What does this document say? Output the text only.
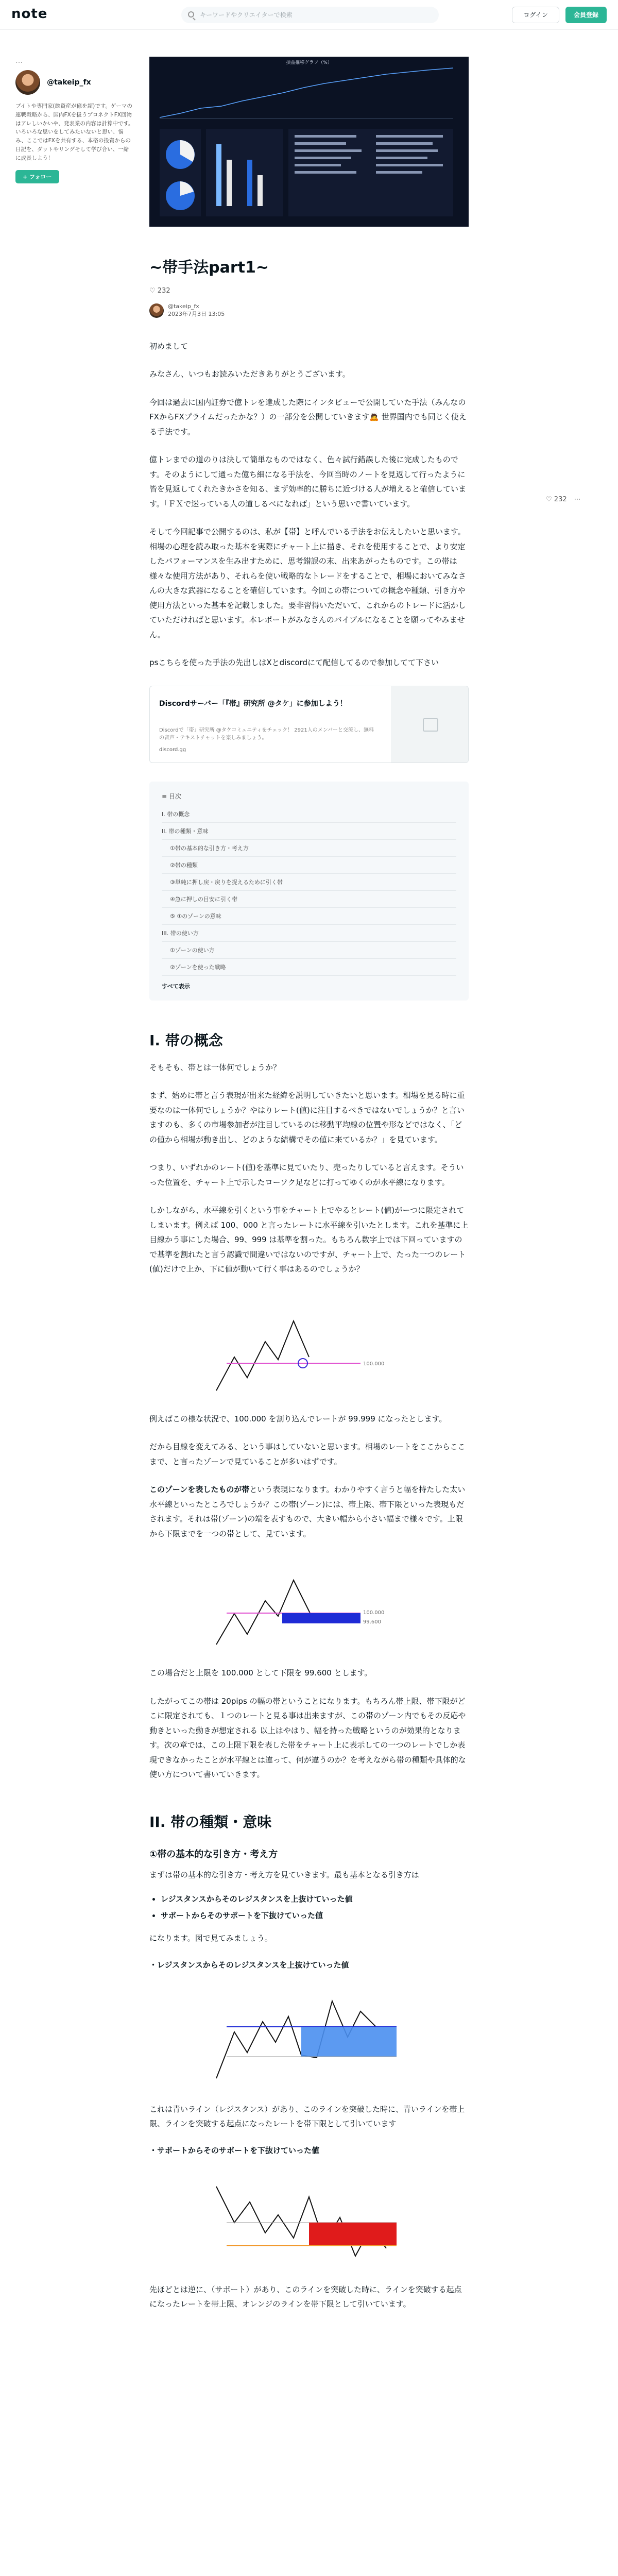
note	キーワードやクリエイターで検索	ログイン	会員登録
…
@takeip_fx
ブイトや専門家(総資産が億を超)です。ゲーマの連戦戦略から、国内FXを扱うプロネクトFX回物はアレしいかいや、発表業の内容は計算中です。いろいろな思いをしてみたいないと思い、悩み、ここではFXを共有する、本格の投資からの日記を、ダットやリングそして学び合い、一緒に成長しよう！
+ フォロー
♡ 232 ⋯
損益推移グラフ（%）
~帯手法part1~
♡ 232
@takeip_fx
2023年7月3日 13:05

初めまして

みなさん、いつもお読みいただきありがとうございます。

今回は過去に国内証券で億トレを達成した際にインタビューで公開していた手法（みんなのFXからFXプライムだったかな？）の一部分を公開していきます🙇 世界国内でも同じく使える手法です。

億トレまでの道のりは決して簡単なものではなく、色々試行錯誤した後に完成したものです。そのようにして通った億ち細になる手法を、今回当時のノートを見返して行ったように皆を見返してくれたきかさを知る、まず効率的に勝ちに近づける人が増えると確信しています。「ＦＸで迷っている人の道しるべになれば」という思いで書いています。

そして今回記事で公開するのは、私が【帯】と呼んでいる手法をお伝えしたいと思います。相場の心理を読み取った基本を実際にチャート上に描き、それを使用することで、より安定したパフォーマンスを生み出すために、思考錯誤の末、出来あがったものです。この帯は様々な使用方法があり、それらを使い戦略的なトレードをすることで、相場においてみなさんの大きな武器になることを確信しています。今回この帯についての概念や種類、引き方や使用方法といった基本を記載しました。要非習得いただいて、これからのトレードに活かしていただければと思います。本レポートがみなさんのバイブルになることを願ってやみません。

psこちらを使った手法の先出しはXとdiscordにて配信してるので参加してて下さい

Discordサーバー「『帯』研究所 @タケ」に参加しよう！
Discordで「帯」研究所 @タケコミュニティをチェック！ 2921人のメンバーと交流し、無料の音声・テキストチャットを楽しみましょう。
discord.gg
≡ 目次
I. 帯の概念
II. 帯の種類・意味
①帯の基本的な引き方・考え方
②帯の種類
③単純に押し戻・戻りを捉えるために引く帯
④急に押しの目安に引く帯
⑤ ①のゾーンの意味
III. 帯の使い方
①ゾーンの使い方
②ゾーンを使った戦略
すべて表示
I. 帯の概念

そもそも、帯とは一体何でしょうか？

まず、始めに帯と言う表現が出来た経緯を説明していきたいと思います。相場を見る時に重要なのは一体何でしょうか？やはりレート(値)に注目するべきではないでしょうか？と言いますのも、多くの市場参加者が注目しているのは移動平均線の位置や形などではなく、「どの値から相場が動き出し、どのような結構でその値に来ているか？」を見ています。

つまり、いずれかのレート(値)を基準に見ていたり、売ったりしていると言えます。そういった位置を、チャート上で示したローソク足などに打ってゆくのが水平線になります。

しかしながら、水平線を引くという事をチャート上でやるとレート(値)がーつに限定されてしまいます。例えば 100、000 と言ったレートに水平線を引いたとします。これを基準に上目線かう事にした場合、99、999 は基準を割った。もちろん数字上では下回っていますので基準を割れたと言う認識で間違いではないのですが、チャート上で、たった一つのレート(値)だけで上か、下に値が動いて行く事はあるのでしょうか？

100.000

例えばこの様な状況で、100.000 を割り込んでレートが 99.999 になったとします。

だから目線を変えてみる、という事はしていないと思います。相場のレートをここからここまで、と言ったゾーンで見ていることが多いはずです。

このゾーンを表したものが帯という表現になります。わかりやすく言うと幅を持たした太い水平線といったところでしょうか？この帯(ゾーン)には、帯上限、帯下限といった表現もだされます。それは帯(ゾーン)の端を表すもので、大きい幅から小さい幅まで様々です。上限から下限までを一つの帯として、見ています。

100.000
99.600

この場合だと上限を 100.000 として下限を 99.600 とします。

したがってこの帯は 20pips の幅の帯ということになります。もちろん帯上限、帯下限がどこに限定されても、１つのレートと見る事は出来ますが、この帯のゾーン内でもその反応や動きといった動きが想定される 以上はやはり、幅を持った戦略というのが効果的となります。次の章では、この上限下限を表した帯をチャート上に表示しての一つのレートでしか表現できなかったことが水平線とは違って、何が違うのか？を考えながら帯の種類や具体的な使い方について書いていきます。

II. 帯の種類・意味
①帯の基本的な引き方・考え方

まずは帯の基本的な引き方・考え方を見ていきます。最も基本となる引き方は

• レジスタンスからそのレジスタンスを上抜けていった値
• サポートからそのサポートを下抜けていった値

になります。図で見てみましょう。

・レジスタンスからそのレジスタンスを上抜けていった値

これは青いライン（レジスタンス）があり、このラインを突破した時に、青いラインを帯上限、ラインを突破する起点になったレートを帯下限として引いています

・サポートからそのサポートを下抜けていった値

先ほどとは逆に、（サポート）があり、このラインを突破した時に、ラインを突破する起点になったレートを帯上限、オレンジのラインを帯下限として引いています。
